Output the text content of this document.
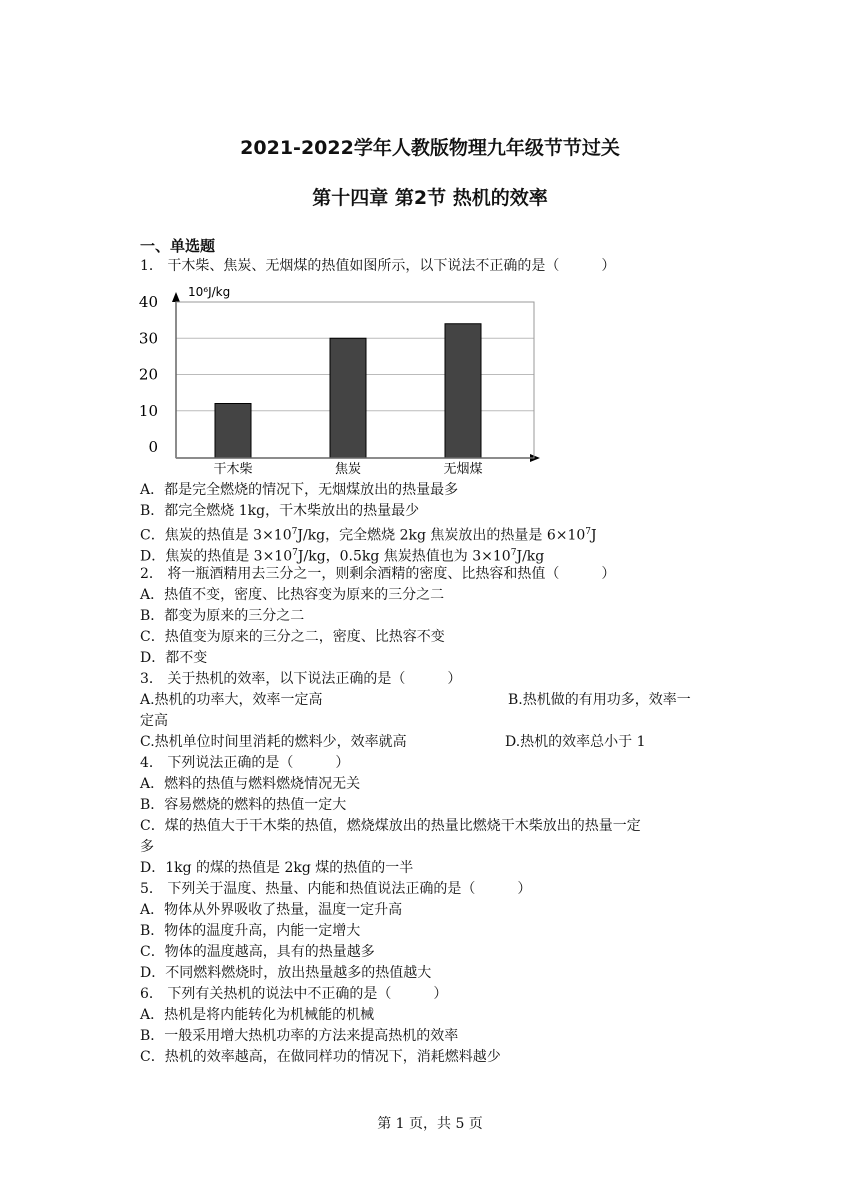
2021-2022学年人教版物理九年级节节过关
第十四章 第2节 热机的效率
一、单选题
1． 干木柴、焦炭、无烟煤的热值如图所示，以下说法不正确的是（　　　）
0
10
20
30
40
干木柴	焦炭	无烟煤
10⁶J/kg
A．都是完全燃烧的情况下，无烟煤放出的热量最多
B．都完全燃烧 1kg，干木柴放出的热量最少
C．焦炭的热值是 $3\times 10^7J/kg$，完全燃烧 2kg 焦炭放出的热量是 $6\times 10^7J$
D．焦炭的热值是 $3\times 10^7J/kg$，0.5kg 焦炭热值也为 $3\times 10^7J/kg$
2． 将一瓶酒精用去三分之一，则剩余酒精的密度、比热容和热值（　　　）
A．热值不变，密度、比热容变为原来的三分之二
B．都变为原来的三分之二
C．热值变为原来的三分之二，密度、比热容不变
D．都不变
3． 关于热机的效率，以下说法正确的是（　　　）
A.热机的功率大，效率一定高	B.热机做的有用功多，效率一
定高
C.热机单位时间里消耗的燃料少，效率就高	D.热机的效率总小于 1
4． 下列说法正确的是（　　　）
A．燃料的热值与燃料燃烧情况无关
B．容易燃烧的燃料的热值一定大
C．煤的热值大于干木柴的热值，燃烧煤放出的热量比燃烧干木柴放出的热量一定
多
D．1kg 的煤的热值是 2kg 煤的热值的一半
5． 下列关于温度、热量、内能和热值说法正确的是（　　　）
A．物体从外界吸收了热量，温度一定升高
B．物体的温度升高，内能一定增大
C．物体的温度越高，具有的热量越多
D．不同燃料燃烧时，放出热量越多的热值越大
6． 下列有关热机的说法中不正确的是（　　　）
A．热机是将内能转化为机械能的机械
B．一般采用增大热机功率的方法来提高热机的效率
C．热机的效率越高，在做同样功的情况下，消耗燃料越少
第 1 页，共 5 页
